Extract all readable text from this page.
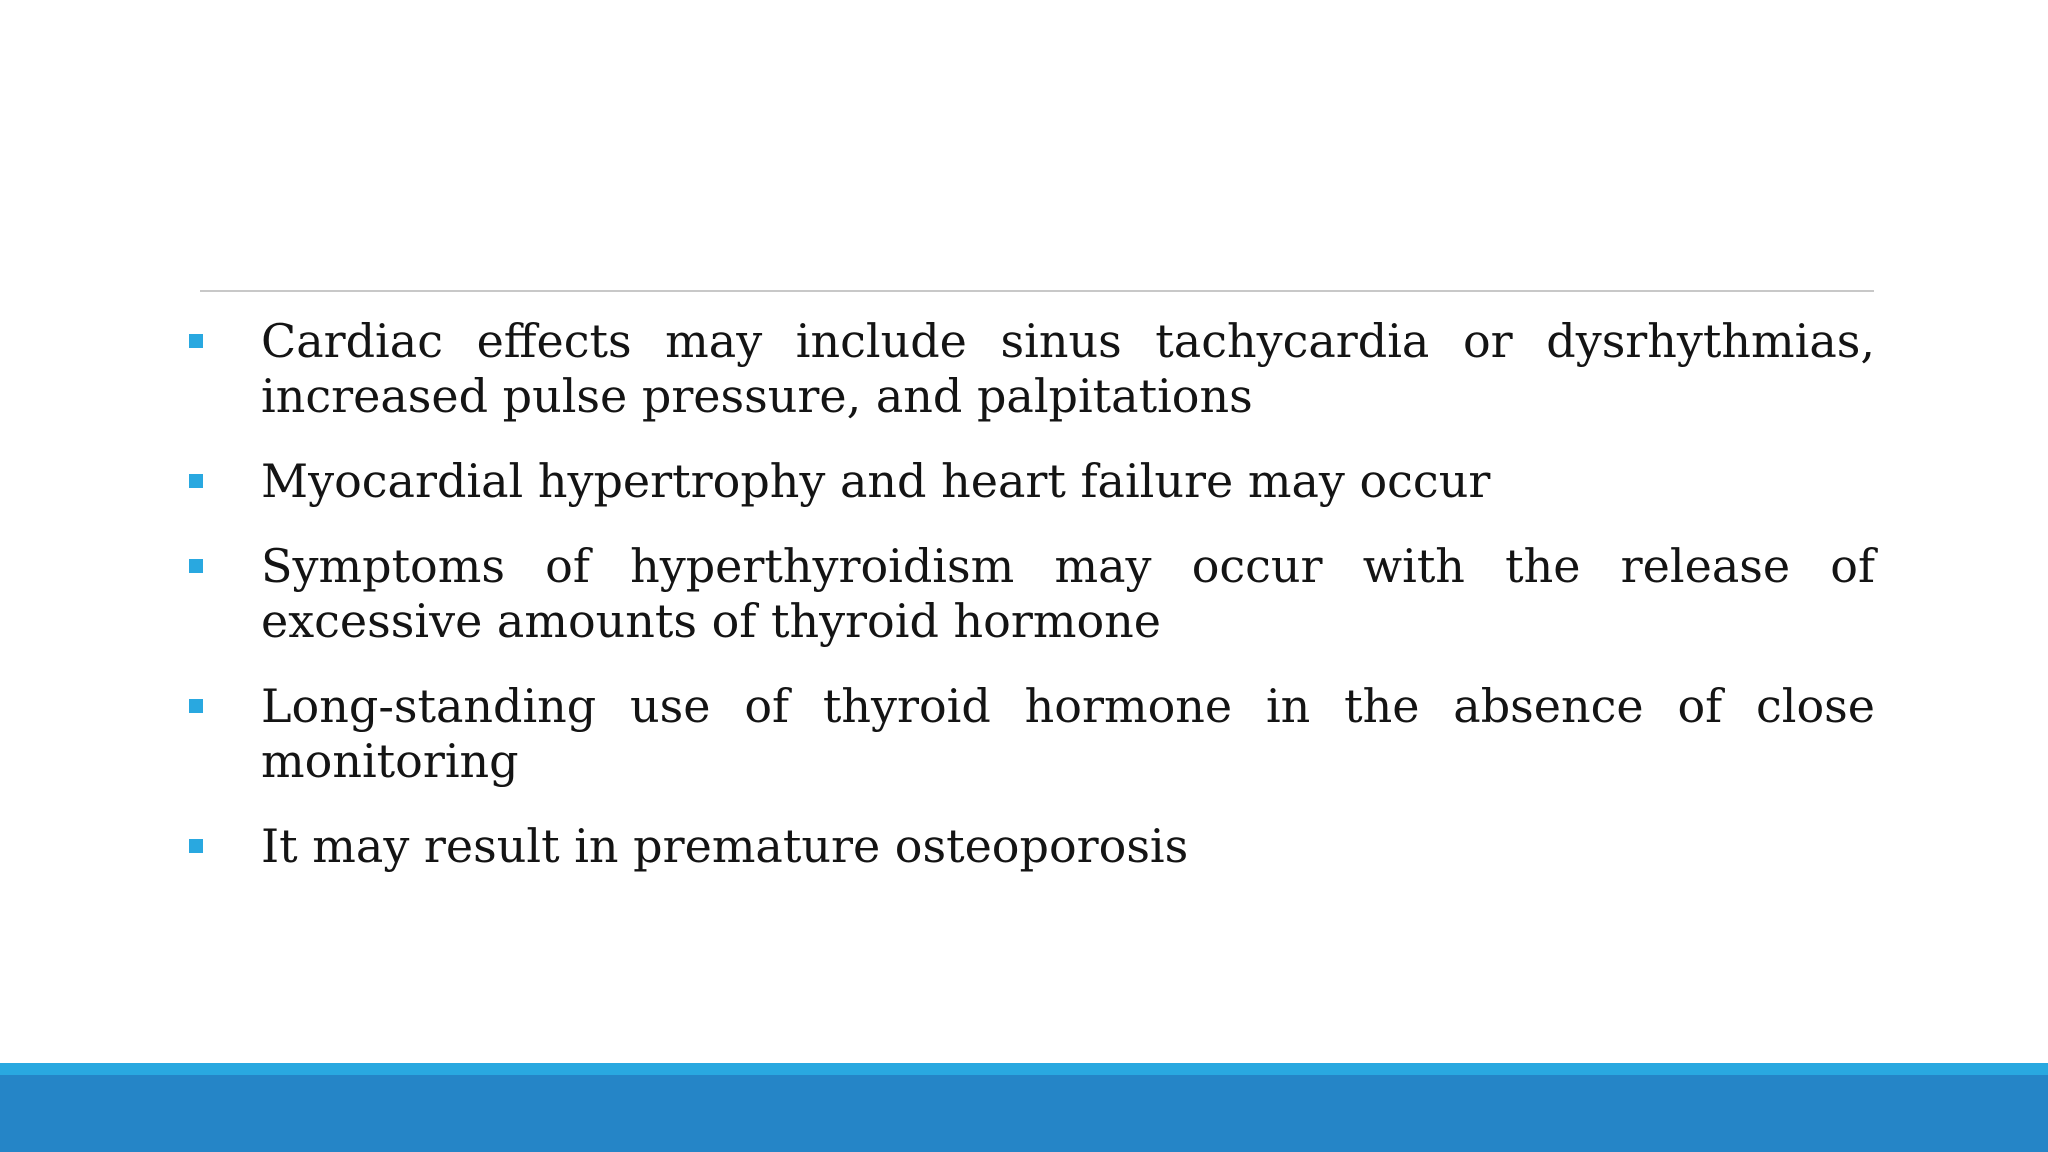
Cardiac effects may include sinus tachycardia or dysrhythmias, increased pulse pressure, and palpitations
Myocardial hypertrophy and heart failure may occur
Symptoms of hyperthyroidism may occur with the release of excessive amounts of thyroid hormone
Long-standing use of thyroid hormone in the absence of close monitoring
It may result in premature osteoporosis
